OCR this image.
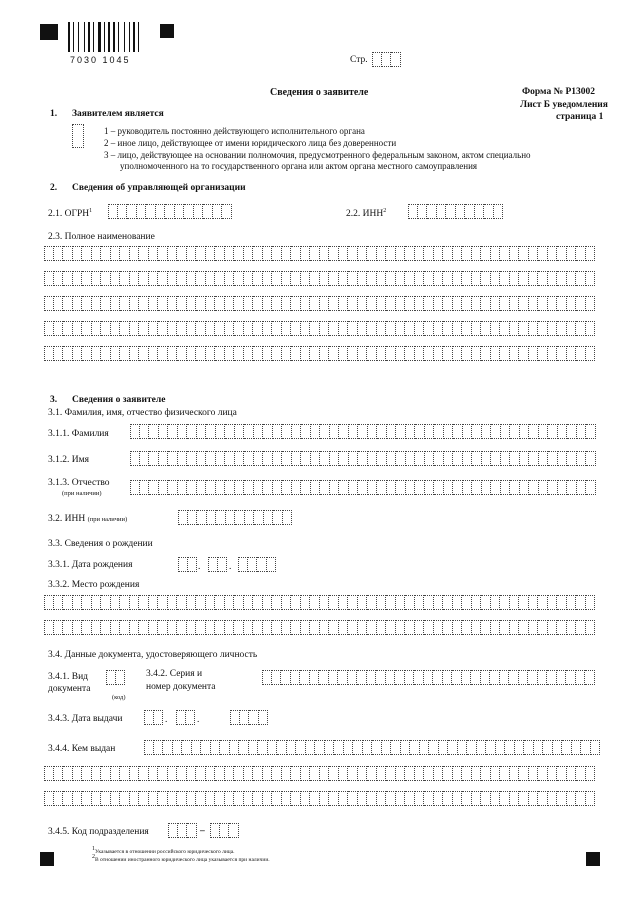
7030 1045	Стр.
Сведения о заявителе	Форма № Р13002
Лист Б уведомления
страница 1
1. Заявителем является
1 – руководитель постоянно действующего исполнительного органа
2 – иное лицо, действующее от имени юридического лица без доверенности
3 – лицо, действующее на основании полномочия, предусмотренного федеральным законом, актом специально
уполномоченного на то государственного органа или актом органа местного самоуправления
2. Сведения об управляющей организации
2.1. ОГРН$^1$	2.2. ИНН$^2$
2.3. Полное наименование
3. Сведения о заявителе
3.1. Фамилия, имя, отчество физического лица
3.1.1. Фамилия
3.1.2. Имя
3.1.3. Отчество
(при наличии)
3.2. ИНН (при наличии)
3.3. Сведения о рождении
3.3.1. Дата рождения	.	.
3.3.2. Место рождения
3.4. Данные документа, удостоверяющего личность
3.4.1. Вид
документа
(код)
3.4.2. Серия и
номер документа
3.4.3. Дата выдачи	.	.
3.4.4. Кем выдан
3.4.5. Код подразделения	–
$^1$Указывается в отношении российского юридического лица.
$^2$В отношении иностранного юридического лица указывается при наличии.
